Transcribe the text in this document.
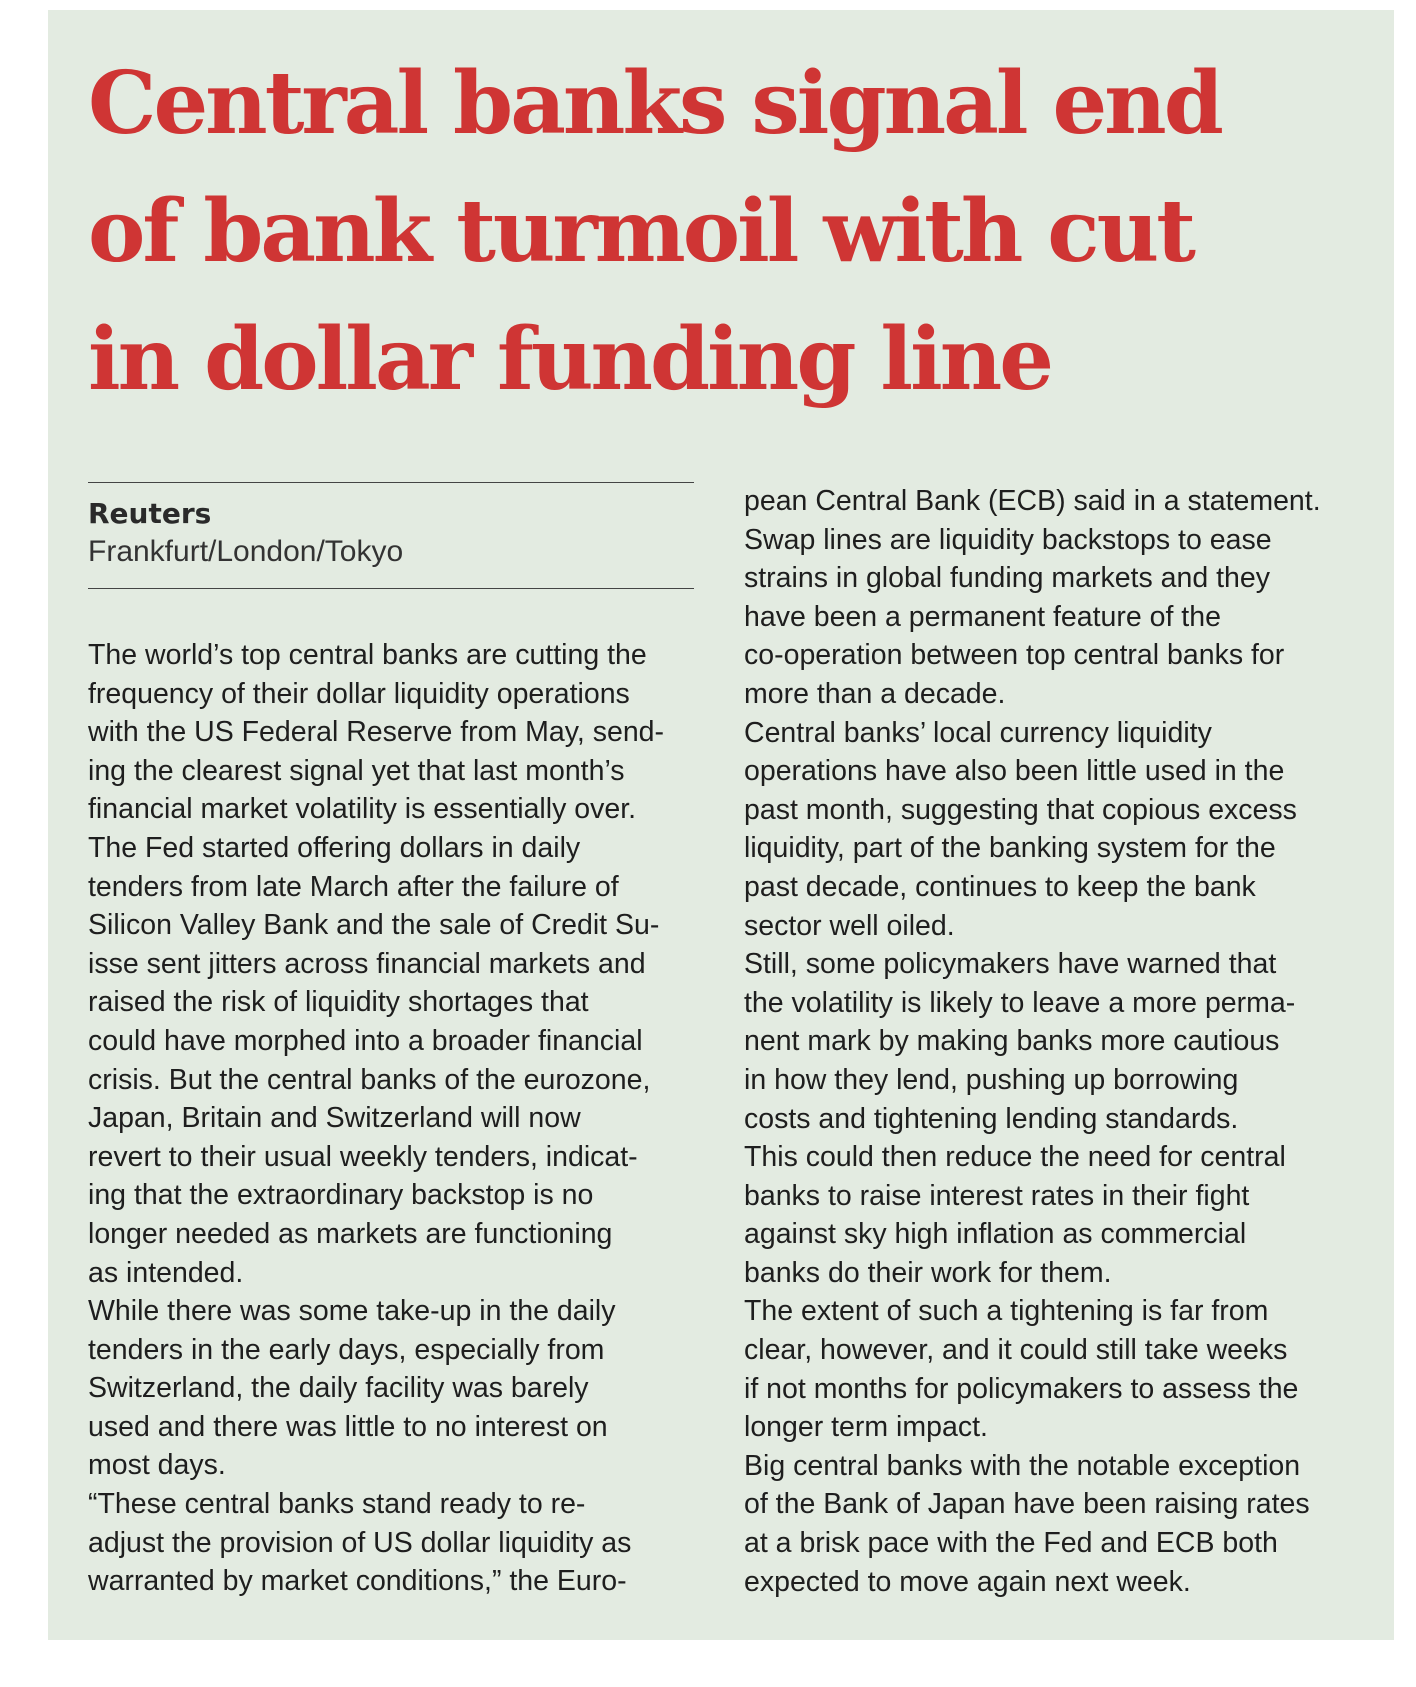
Central banks signal end
of bank turmoil with cut
in dollar funding line
Reuters
Frankfurt/London/Tokyo
The world’s top central banks are cutting the
frequency of their dollar liquidity operations
with the US Federal Reserve from May, send-
ing the clearest signal yet that last month’s
financial market volatility is essentially over.
The Fed started offering dollars in daily
tenders from late March after the failure of
Silicon Valley Bank and the sale of Credit Su-
isse sent jitters across financial markets and
raised the risk of liquidity shortages that
could have morphed into a broader financial
crisis. But the central banks of the eurozone,
Japan, Britain and Switzerland will now
revert to their usual weekly tenders, indicat-
ing that the extraordinary backstop is no
longer needed as markets are functioning
as intended.
While there was some take-up in the daily
tenders in the early days, especially from
Switzerland, the daily facility was barely
used and there was little to no interest on
most days.
“These central banks stand ready to re-
adjust the provision of US dollar liquidity as
warranted by market conditions,” the Euro-
pean Central Bank (ECB) said in a statement.
Swap lines are liquidity backstops to ease
strains in global funding markets and they
have been a permanent feature of the
co-operation between top central banks for
more than a decade.
Central banks’ local currency liquidity
operations have also been little used in the
past month, suggesting that copious excess
liquidity, part of the banking system for the
past decade, continues to keep the bank
sector well oiled.
Still, some policymakers have warned that
the volatility is likely to leave a more perma-
nent mark by making banks more cautious
in how they lend, pushing up borrowing
costs and tightening lending standards.
This could then reduce the need for central
banks to raise interest rates in their fight
against sky high inflation as commercial
banks do their work for them.
The extent of such a tightening is far from
clear, however, and it could still take weeks
if not months for policymakers to assess the
longer term impact.
Big central banks with the notable exception
of the Bank of Japan have been raising rates
at a brisk pace with the Fed and ECB both
expected to move again next week.
